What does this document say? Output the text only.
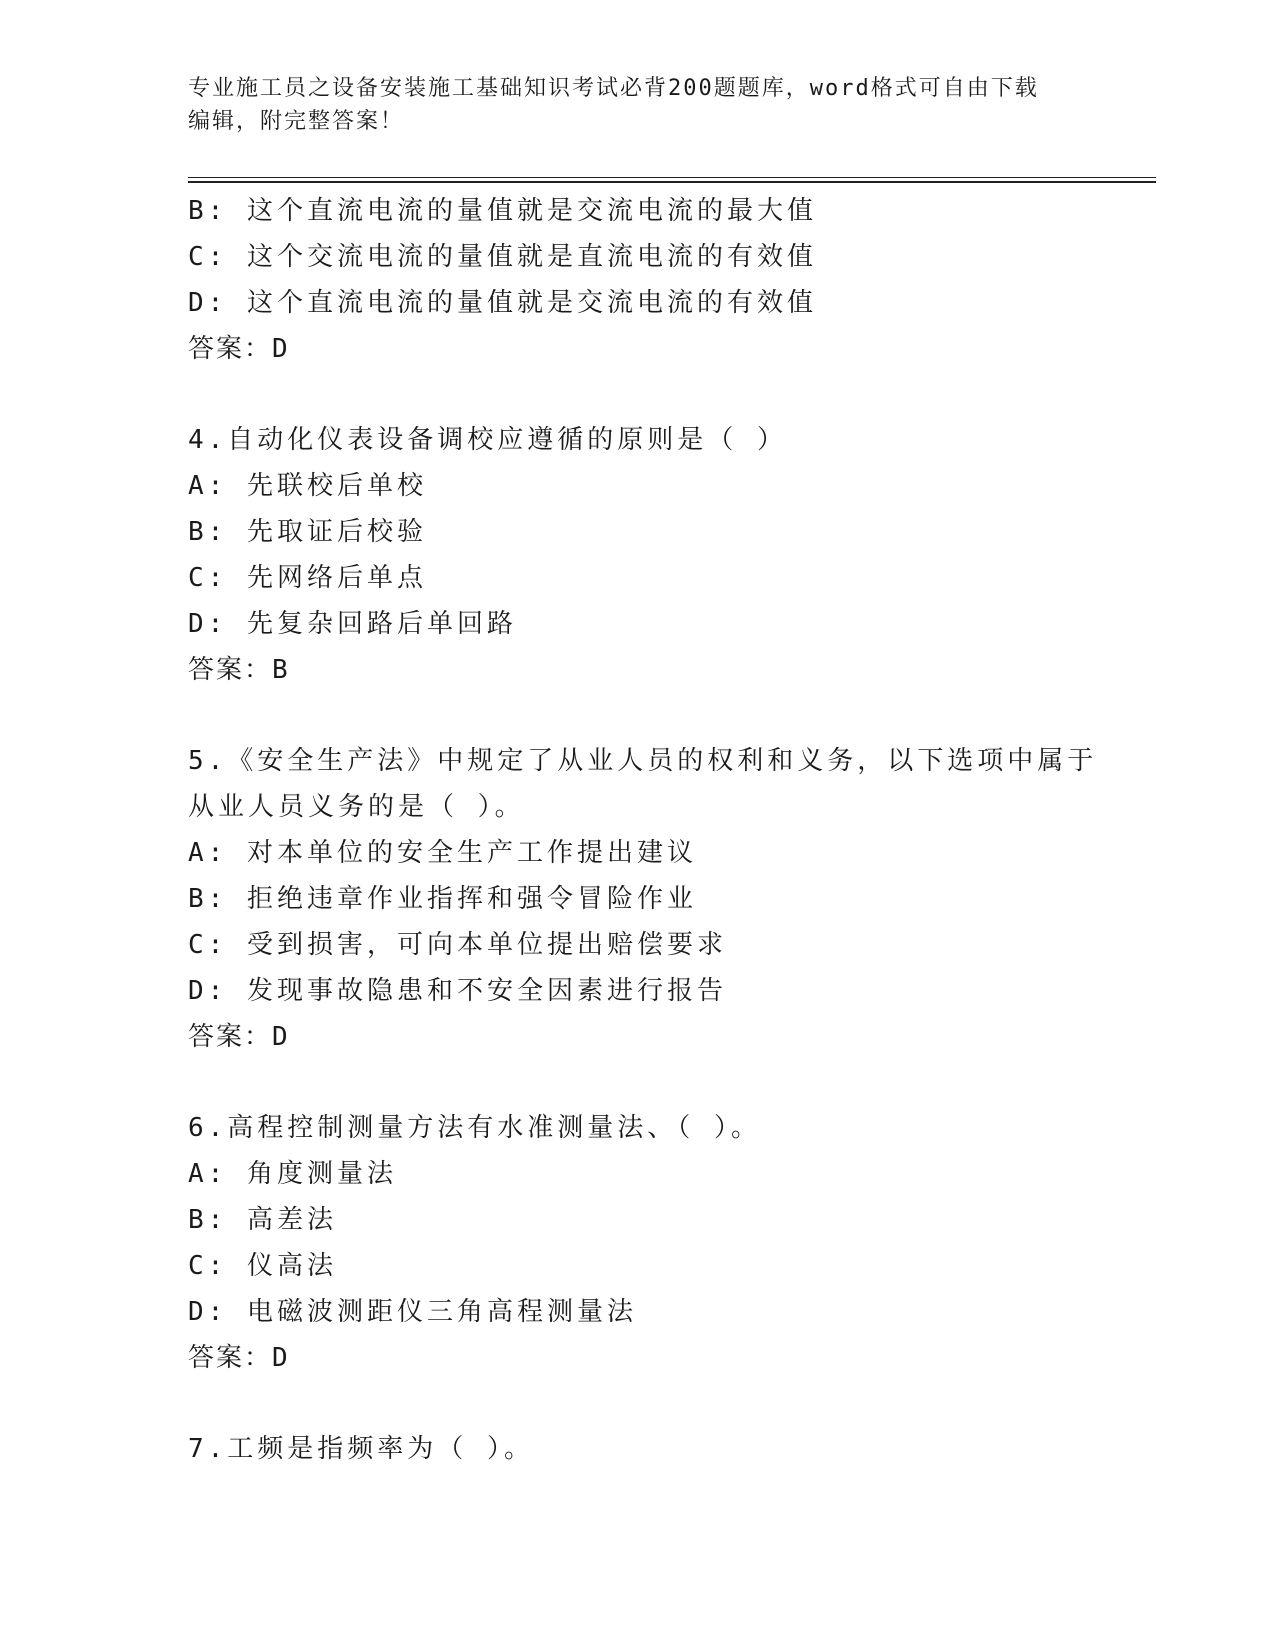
专业施工员之设备安装施工基础知识考试必背200题题库，word格式可自由下载
编辑，附完整答案！
B: 这个直流电流的量值就是交流电流的最大值
C: 这个交流电流的量值就是直流电流的有效值
D: 这个直流电流的量值就是交流电流的有效值
答案：D
4.自动化仪表设备调校应遵循的原则是（ ）
A: 先联校后单校
B: 先取证后校验
C: 先网络后单点
D: 先复杂回路后单回路
答案：B
5.《安全生产法》中规定了从业人员的权利和义务，以下选项中属于
从业人员义务的是（ ）。
A: 对本单位的安全生产工作提出建议
B: 拒绝违章作业指挥和强令冒险作业
C: 受到损害，可向本单位提出赔偿要求
D: 发现事故隐患和不安全因素进行报告
答案：D
6.高程控制测量方法有水准测量法、（ ）。
A: 角度测量法
B: 高差法
C: 仪高法
D: 电磁波测距仪三角高程测量法
答案：D
7.工频是指频率为（ ）。
